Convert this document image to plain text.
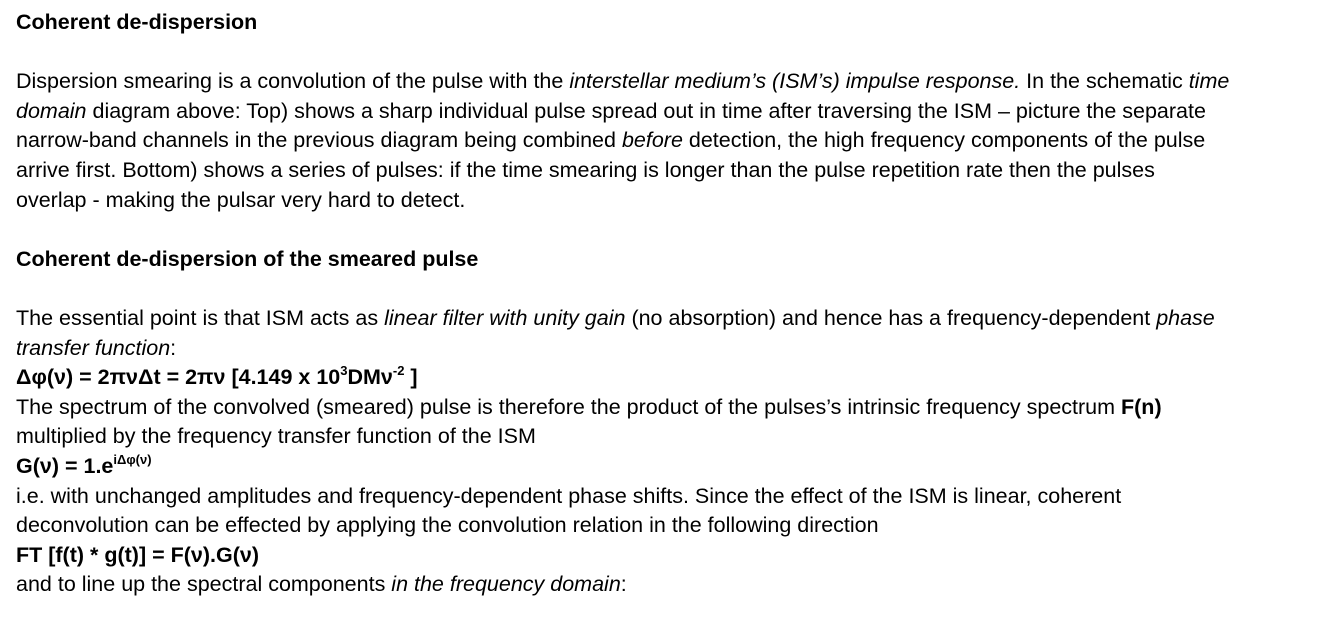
Coherent de-dispersion
Dispersion smearing is a convolution of the pulse with the interstellar medium’s (ISM’s) impulse response. In the schematic time
domain diagram above: Top) shows a sharp individual pulse spread out in time after traversing the ISM – picture the separate
narrow-band channels in the previous diagram being combined before detection, the high frequency components of the pulse
arrive first. Bottom) shows a series of pulses: if the time smearing is longer than the pulse repetition rate then the pulses
overlap - making the pulsar very hard to detect.
Coherent de-dispersion of the smeared pulse
The essential point is that ISM acts as linear filter with unity gain (no absorption) and hence has a frequency-dependent phase
transfer function:
Δφ(ν) = 2πνΔt = 2πν [4.149 x $10^3DM\nu^{-2}$ ]
The spectrum of the convolved (smeared) pulse is therefore the product of the pulses’s intrinsic frequency spectrum F(n)
multiplied by the frequency transfer function of the ISM
$G(\nu) = 1.e^{i\Delta\varphi(\nu)}$
i.e. with unchanged amplitudes and frequency-dependent phase shifts. Since the effect of the ISM is linear, coherent
deconvolution can be effected by applying the convolution relation in the following direction
FT [f(t) * g(t)] = F(ν).G(ν)
and to line up the spectral components in the frequency domain:
